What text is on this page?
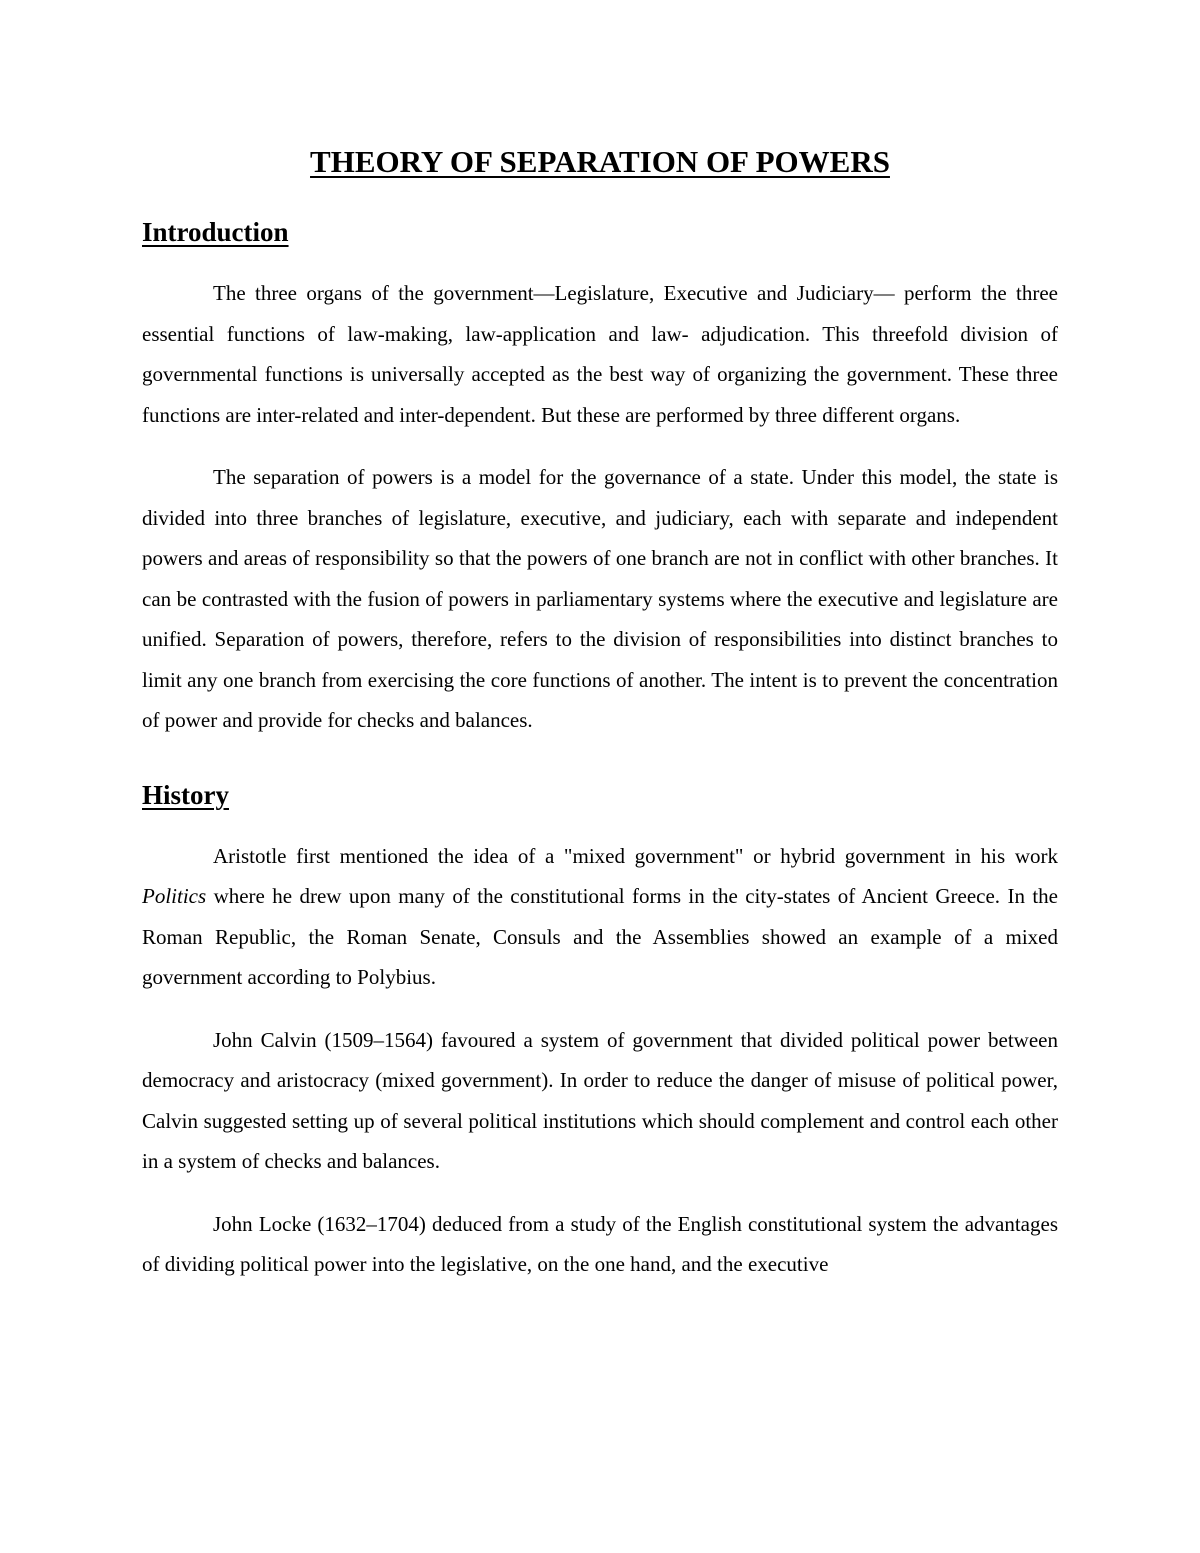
THEORY OF SEPARATION OF POWERS
Introduction

The three organs of the government—Legislature, Executive and Judiciary— perform the three essential functions of law-making, law-application and law- adjudication. This threefold division of governmental functions is universally accepted as the best way of organizing the government. These three functions are inter-related and inter-dependent. But these are performed by three different organs.

The separation of powers is a model for the governance of a state. Under this model, the state is divided into three branches of legislature, executive, and judiciary, each with separate and independent powers and areas of responsibility so that the powers of one branch are not in conflict with other branches. It can be contrasted with the fusion of powers in parliamentary systems where the executive and legislature are unified. Separation of powers, therefore, refers to the division of responsibilities into distinct branches to limit any one branch from exercising the core functions of another. The intent is to prevent the concentration of power and provide for checks and balances.

History

Aristotle first mentioned the idea of a "mixed government" or hybrid government in his work Politics where he drew upon many of the constitutional forms in the city-states of Ancient Greece. In the Roman Republic, the Roman Senate, Consuls and the Assemblies showed an example of a mixed government according to Polybius.

John Calvin (1509–1564) favoured a system of government that divided political power between democracy and aristocracy (mixed government). In order to reduce the danger of misuse of political power, Calvin suggested setting up of several political institutions which should complement and control each other in a system of checks and balances.

John Locke (1632–1704) deduced from a study of the English constitutional system the advantages of dividing political power into the legislative, on the one hand, and the executive
